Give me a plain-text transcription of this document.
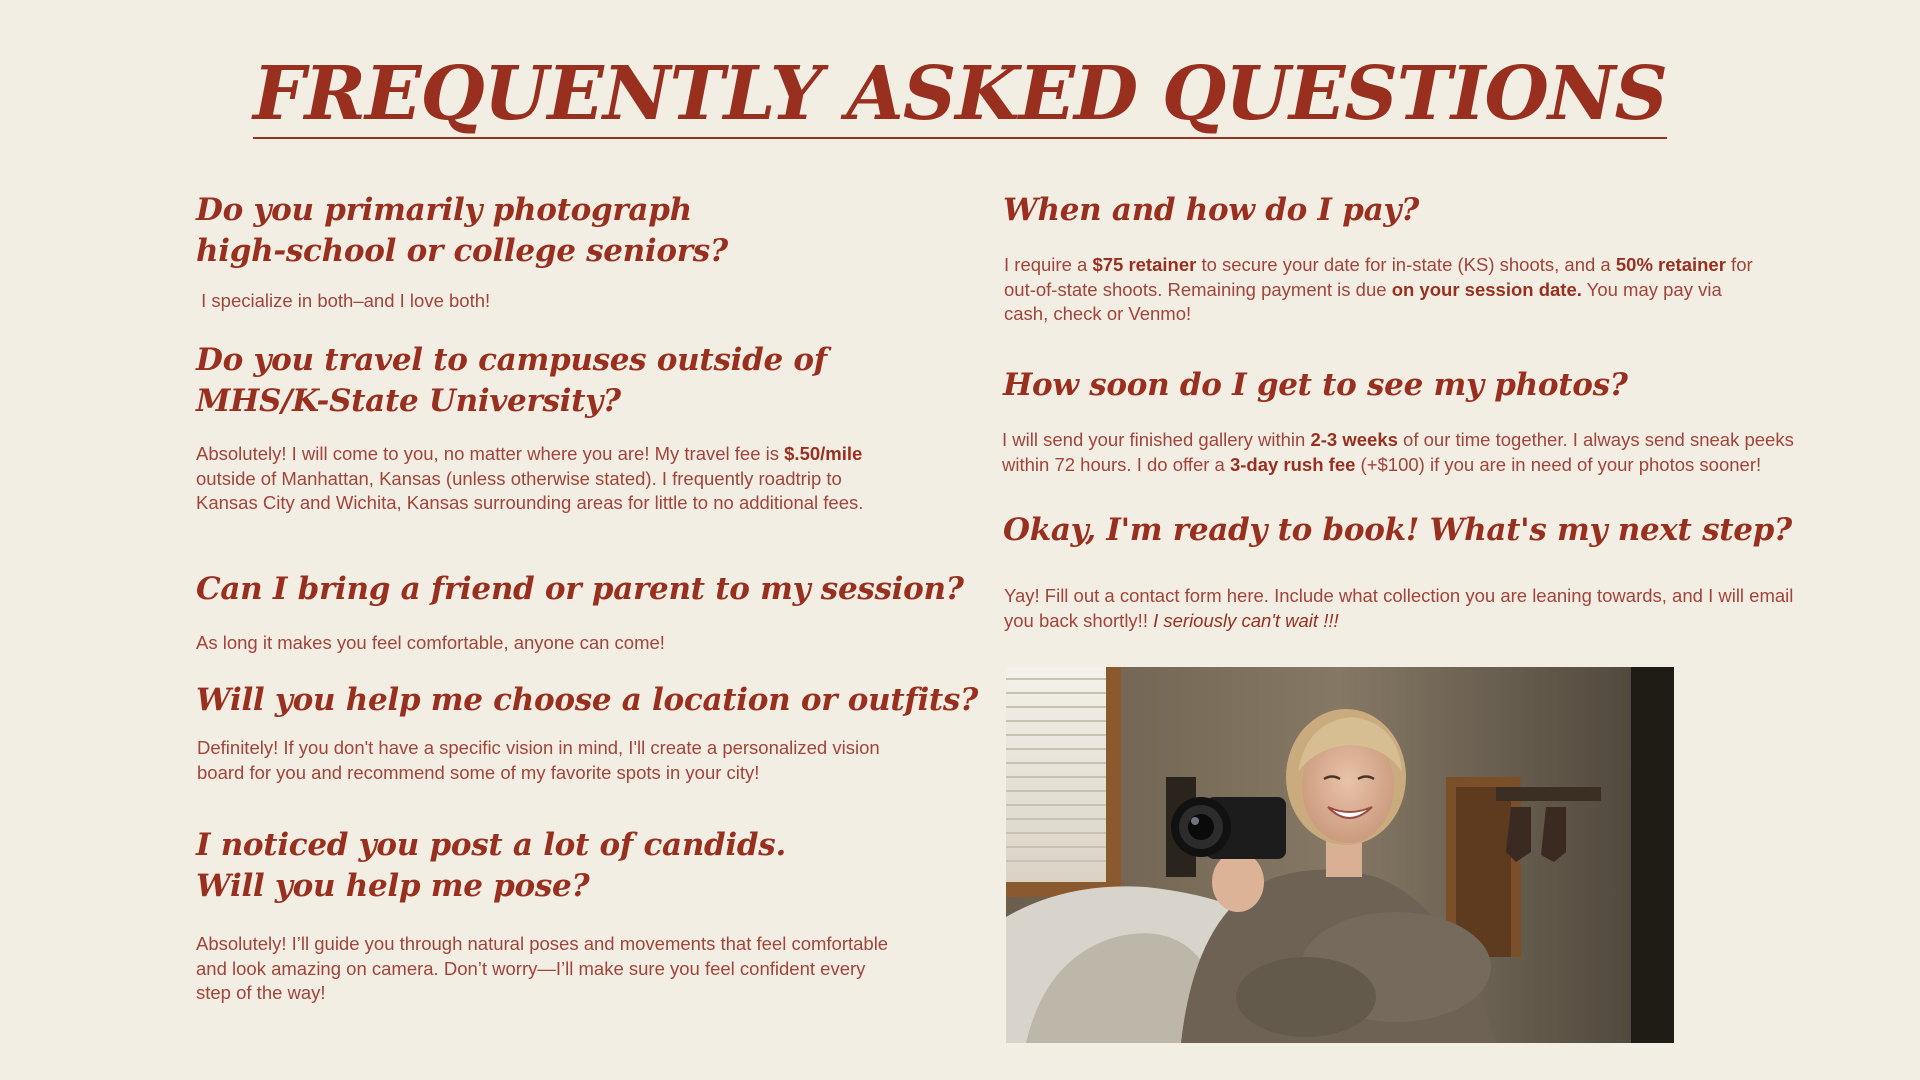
FREQUENTLY ASKED QUESTIONS
Do you primarily photograph
high-school or college seniors?

I specialize in both–and I love both!

Do you travel to campuses outside of
MHS/K-State University?

Absolutely! I will come to you, no matter where you are! My travel fee is $.50/mile outside of Manhattan, Kansas (unless otherwise stated). I frequently roadtrip to Kansas City and Wichita, Kansas surrounding areas for little to no additional fees.

Can I bring a friend or parent to my session?

As long it makes you feel comfortable, anyone can come!

Will you help me choose a location or outfits?

Definitely! If you don't have a specific vision in mind, I'll create a personalized vision board for you and recommend some of my favorite spots in your city!

I noticed you post a lot of candids.
Will you help me pose?

Absolutely! I’ll guide you through natural poses and movements that feel comfortable and look amazing on camera. Don’t worry—I’ll make sure you feel confident every step of the way!

When and how do I pay?

I require a $75 retainer to secure your date for in-state (KS) shoots, and a 50% retainer for out-of-state shoots. Remaining payment is due on your session date. You may pay via cash, check or Venmo!

How soon do I get to see my photos?

I will send your finished gallery within 2-3 weeks of our time together. I always send sneak peeks within 72 hours. I do offer a 3-day rush fee (+$100) if you are in need of your photos sooner!

Okay, I'm ready to book! What's my next step?

Yay! Fill out a contact form here. Include what collection you are leaning towards, and I will email you back shortly!! I seriously can't wait !!!
